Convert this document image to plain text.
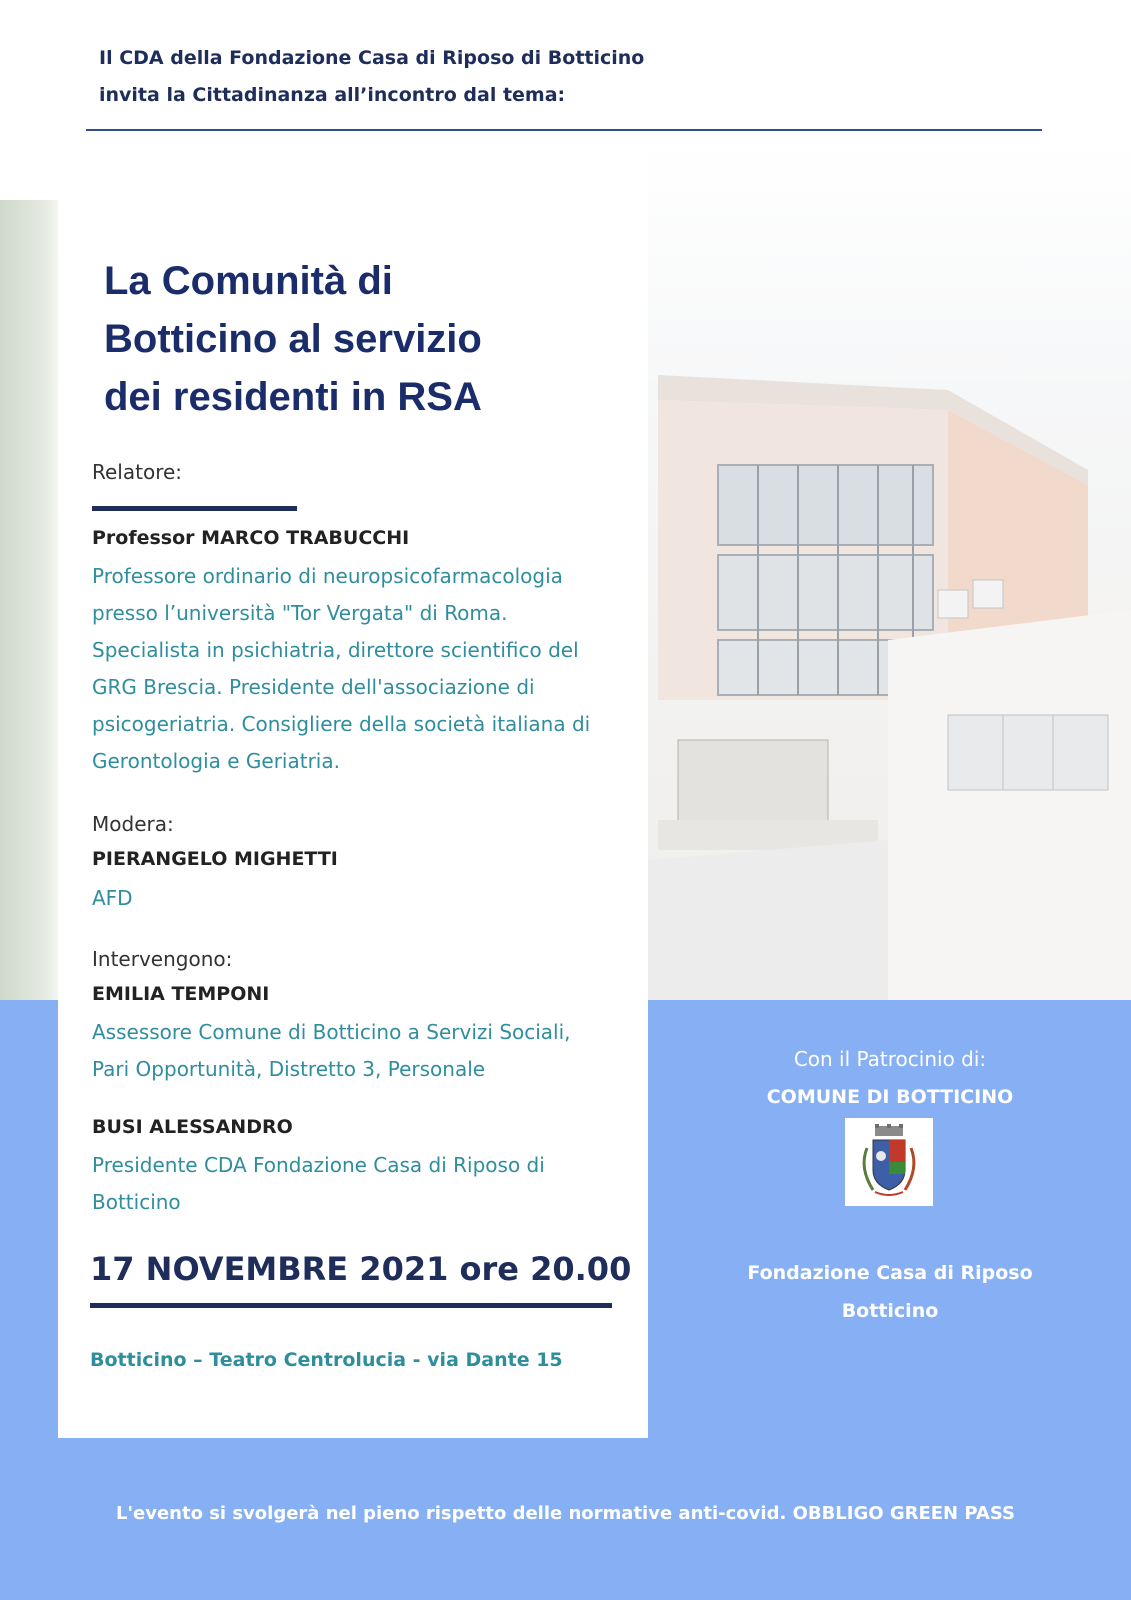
Il CDA della Fondazione Casa di Riposo di Botticino
invita la Cittadinanza all’incontro dal tema:
La Comunità di
Botticino al servizio
dei residenti in RSA
Relatore:
Professor MARCO TRABUCCHI
Professore ordinario di neuropsicofarmacologia
presso l’università "Tor Vergata" di Roma.
Specialista in psichiatria, direttore scientifico del
GRG Brescia. Presidente dell'associazione di
psicogeriatria. Consigliere della società italiana di
Gerontologia e Geriatria.
Modera:
PIERANGELO MIGHETTI
AFD
Intervengono:
EMILIA TEMPONI
Assessore Comune di Botticino a Servizi Sociali,
Pari Opportunità, Distretto 3, Personale
BUSI ALESSANDRO
Presidente CDA Fondazione Casa di Riposo di
Botticino
17 NOVEMBRE 2021 ore 20.00
Botticino – Teatro Centrolucia - via Dante 15
Con il Patrocinio di:
COMUNE DI BOTTICINO
Fondazione Casa di Riposo
Botticino
L'evento si svolgerà nel pieno rispetto delle normative anti-covid. OBBLIGO GREEN PASS
